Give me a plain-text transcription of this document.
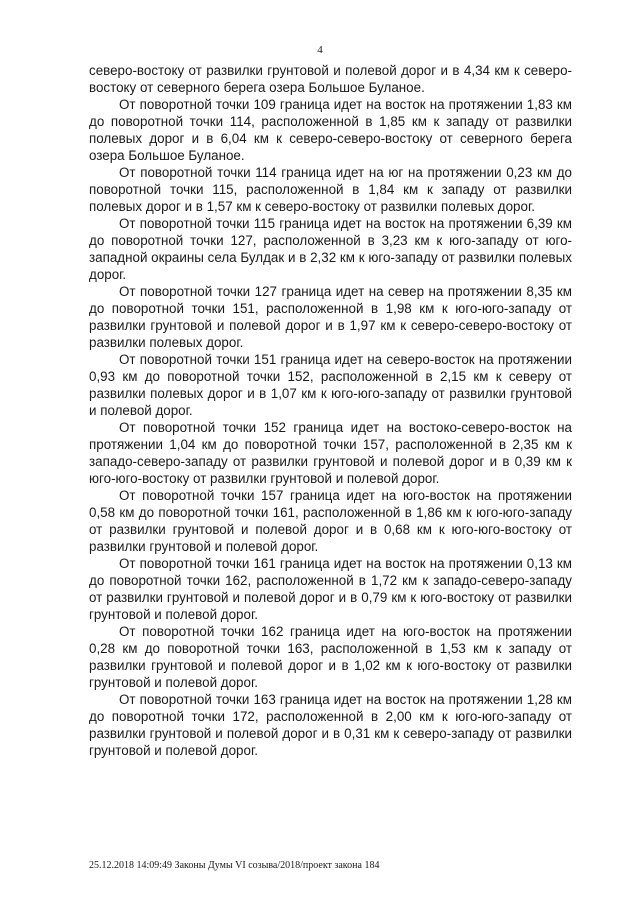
4

северо-востоку от развилки грунтовой и полевой дорог и в 4,34 км к северо-востоку от северного берега озера Большое Буланое.

От поворотной точки 109 граница идет на восток на протяжении 1,83 км до поворотной точки 114, расположенной в 1,85 км к западу от развилки полевых дорог и в 6,04 км к северо-северо-востоку от северного берега озера Большое Буланое.

От поворотной точки 114 граница идет на юг на протяжении 0,23 км до поворотной точки 115, расположенной в 1,84 км к западу от развилки полевых дорог и в 1,57 км к северо-востоку от развилки полевых дорог.

От поворотной точки 115 граница идет на восток на протяжении 6,39 км до поворотной точки 127, расположенной в 3,23 км к юго-западу от юго-западной окраины села Булдак и в 2,32 км к юго-западу от развилки полевых дорог.

От поворотной точки 127 граница идет на север на протяжении 8,35 км до поворотной точки 151, расположенной в 1,98 км к юго-юго-западу от развилки грунтовой и полевой дорог и в 1,97 км к северо-северо-востоку от развилки полевых дорог.

От поворотной точки 151 граница идет на северо-восток на протяжении 0,93 км до поворотной точки 152, расположенной в 2,15 км к северу от развилки полевых дорог и в 1,07 км к юго-юго-западу от развилки грунтовой и полевой дорог.

От поворотной точки 152 граница идет на востоко-северо-восток на протяжении 1,04 км до поворотной точки 157, расположенной в 2,35 км к западо-северо-западу от развилки грунтовой и полевой дорог и в 0,39 км к юго-юго-востоку от развилки грунтовой и полевой дорог.

От поворотной точки 157 граница идет на юго-восток на протяжении 0,58 км до поворотной точки 161, расположенной в 1,86 км к юго-юго-западу от развилки грунтовой и полевой дорог и в 0,68 км к юго-юго-востоку от развилки грунтовой и полевой дорог.

От поворотной точки 161 граница идет на восток на протяжении 0,13 км до поворотной точки 162, расположенной в 1,72 км к западо-северо-западу от развилки грунтовой и полевой дорог и в 0,79 км к юго-востоку от развилки грунтовой и полевой дорог.

От поворотной точки 162 граница идет на юго-восток на протяжении 0,28 км до поворотной точки 163, расположенной в 1,53 км к западу от развилки грунтовой и полевой дорог и в 1,02 км к юго-востоку от развилки грунтовой и полевой дорог.

От поворотной точки 163 граница идет на восток на протяжении 1,28 км до поворотной точки 172, расположенной в 2,00 км к юго-юго-западу от развилки грунтовой и полевой дорог и в 0,31 км к северо-западу от развилки грунтовой и полевой дорог.

25.12.2018 14:09:49 Законы Думы VI созыва/2018/проект закона 184
